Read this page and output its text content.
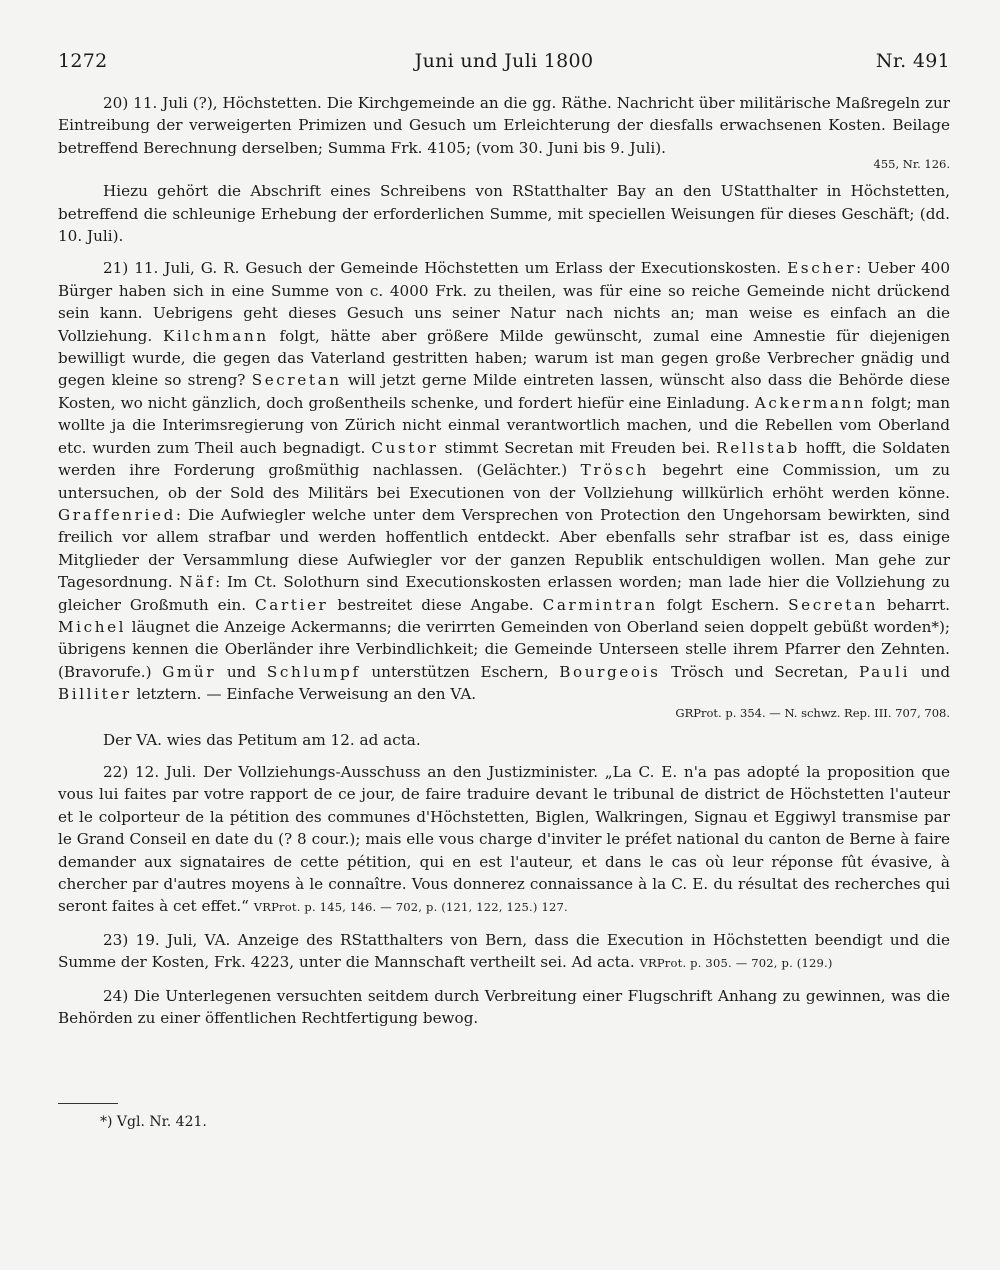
1272	Juni und Juli 1800	Nr. 491

20) 11. Juli (?), Höchstetten. Die Kirchgemeinde an die gg. Räthe. Nachricht über militärische Maßregeln zur Eintreibung der verweigerten Primizen und Gesuch um Erleichterung der diesfalls erwachsenen Kosten. Beilage betreffend Berechnung derselben; Summa Frk. 4105; (vom 30. Juni bis 9. Juli).

455, Nr. 126.

Hiezu gehört die Abschrift eines Schreibens von RStatthalter Bay an den UStatthalter in Höchstetten, betreffend die schleunige Erhebung der erforderlichen Summe, mit speciellen Weisungen für dieses Geschäft; (dd. 10. Juli).

21) 11. Juli, G. R. Gesuch der Gemeinde Höchstetten um Erlass der Executionskosten. Escher: Ueber 400 Bürger haben sich in eine Summe von c. 4000 Frk. zu theilen, was für eine so reiche Gemeinde nicht drückend sein kann. Uebrigens geht dieses Gesuch uns seiner Natur nach nichts an; man weise es einfach an die Vollziehung. Kilchmann folgt, hätte aber größere Milde gewünscht, zumal eine Amnestie für diejenigen bewilligt wurde, die gegen das Vaterland gestritten haben; warum ist man gegen große Verbrecher gnädig und gegen kleine so streng? Secretan will jetzt gerne Milde eintreten lassen, wünscht also dass die Behörde diese Kosten, wo nicht gänzlich, doch großentheils schenke, und fordert hiefür eine Einladung. Ackermann folgt; man wollte ja die Interimsregierung von Zürich nicht einmal verantwortlich machen, und die Rebellen vom Oberland etc. wurden zum Theil auch begnadigt. Custor stimmt Secretan mit Freuden bei. Rellstab hofft, die Soldaten werden ihre Forderung großmüthig nachlassen. (Gelächter.) Trösch begehrt eine Commission, um zu untersuchen, ob der Sold des Militärs bei Executionen von der Vollziehung willkürlich erhöht werden könne. Graffenried: Die Aufwiegler welche unter dem Versprechen von Protection den Ungehorsam bewirkten, sind freilich vor allem strafbar und werden hoffentlich entdeckt. Aber ebenfalls sehr strafbar ist es, dass einige Mitglieder der Versammlung diese Aufwiegler vor der ganzen Republik entschuldigen wollen. Man gehe zur Tagesordnung. Näf: Im Ct. Solothurn sind Executionskosten erlassen worden; man lade hier die Vollziehung zu gleicher Großmuth ein. Cartier bestreitet diese Angabe. Carmintran folgt Eschern. Secretan beharrt. Michel läugnet die Anzeige Ackermanns; die verirrten Gemeinden von Oberland seien doppelt gebüßt worden*); übrigens kennen die Oberländer ihre Verbindlichkeit; die Gemeinde Unterseen stelle ihrem Pfarrer den Zehnten. (Bravorufe.) Gmür und Schlumpf unterstützen Eschern, Bourgeois Trösch und Secretan, Pauli und Billiter letztern. — Einfache Verweisung an den VA.

GRProt. p. 354. — N. schwz. Rep. III. 707, 708.

Der VA. wies das Petitum am 12. ad acta.

22) 12. Juli. Der Vollziehungs-Ausschuss an den Justizminister. „La C. E. n'a pas adopté la proposition que vous lui faites par votre rapport de ce jour, de faire traduire devant le tribunal de district de Höchstetten l'auteur et le colporteur de la pétition des communes d'Höchstetten, Biglen, Walkringen, Signau et Eggiwyl transmise par le Grand Conseil en date du (? 8 cour.); mais elle vous charge d'inviter le préfet national du canton de Berne à faire demander aux signataires de cette pétition, qui en est l'auteur, et dans le cas où leur réponse fût évasive, à chercher par d'autres moyens à le connaître. Vous donnerez connaissance à la C. E. du résultat des recherches qui seront faites à cet effet.“ VRProt. p. 145, 146. — 702, p. (121, 122, 125.) 127.

23) 19. Juli, VA. Anzeige des RStatthalters von Bern, dass die Execution in Höchstetten beendigt und die Summe der Kosten, Frk. 4223, unter die Mannschaft vertheilt sei. Ad acta. VRProt. p. 305. — 702, p. (129.)

24) Die Unterlegenen versuchten seitdem durch Verbreitung einer Flugschrift Anhang zu gewinnen, was die Behörden zu einer öffentlichen Rechtfertigung bewog.

*) Vgl. Nr. 421.
